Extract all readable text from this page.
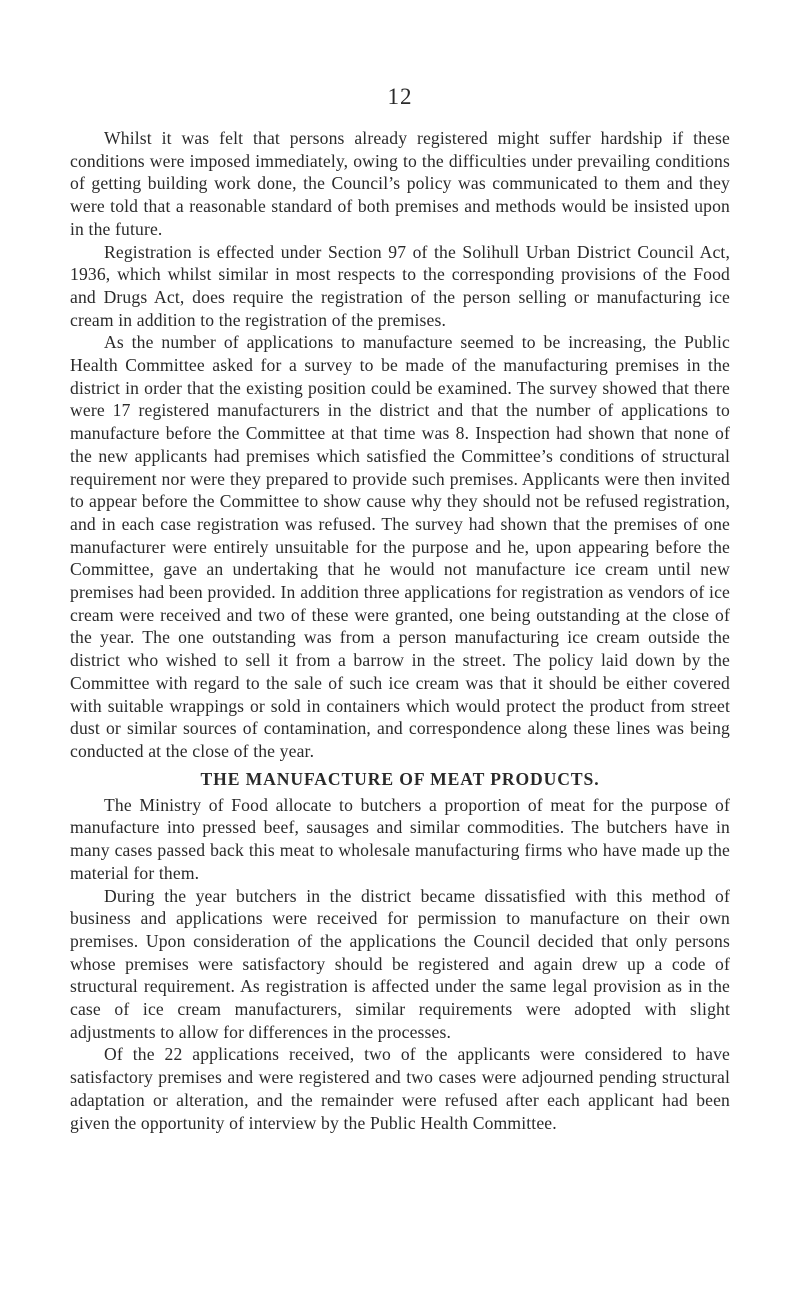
12

Whilst it was felt that persons already registered might suffer hardship if these conditions were imposed immediately, owing to the difficulties under prevailing conditions of getting building work done, the Council’s policy was communicated to them and they were told that a reasonable standard of both premises and methods would be insisted upon in the future.

Registration is effected under Section 97 of the Solihull Urban District Council Act, 1936, which whilst similar in most respects to the corresponding provisions of the Food and Drugs Act, does require the registration of the person selling or manufacturing ice cream in addition to the registration of the premises.

As the number of applications to manufacture seemed to be increasing, the Public Health Committee asked for a survey to be made of the manufacturing premises in the district in order that the existing position could be examined. The survey showed that there were 17 registered manufacturers in the district and that the number of applications to manufacture before the Committee at that time was 8. Inspection had shown that none of the new applicants had premises which satisfied the Committee’s conditions of structural requirement nor were they prepared to provide such premises. Applicants were then invited to appear before the Committee to show cause why they should not be refused registration, and in each case registration was refused. The survey had shown that the premises of one manufacturer were entirely unsuitable for the purpose and he, upon appearing before the Committee, gave an undertaking that he would not manufacture ice cream until new premises had been provided. In addition three applications for registration as vendors of ice cream were received and two of these were granted, one being outstanding at the close of the year. The one outstanding was from a person manufacturing ice cream outside the district who wished to sell it from a barrow in the street. The policy laid down by the Committee with regard to the sale of such ice cream was that it should be either covered with suitable wrappings or sold in containers which would protect the product from street dust or similar sources of contamination, and correspondence along these lines was being conducted at the close of the year.

THE MANUFACTURE OF MEAT PRODUCTS.

The Ministry of Food allocate to butchers a proportion of meat for the purpose of manufacture into pressed beef, sausages and similar commodities. The butchers have in many cases passed back this meat to wholesale manufacturing firms who have made up the material for them.

During the year butchers in the district became dissatisfied with this method of business and applications were received for permission to manufacture on their own premises. Upon consideration of the applications the Council decided that only persons whose premises were satisfactory should be registered and again drew up a code of structural requirement. As registration is affected under the same legal provision as in the case of ice cream manufacturers, similar requirements were adopted with slight adjustments to allow for differences in the processes.

Of the 22 applications received, two of the applicants were considered to have satisfactory premises and were registered and two cases were adjourned pending structural adaptation or alteration, and the remainder were refused after each applicant had been given the opportunity of interview by the Public Health Committee.
